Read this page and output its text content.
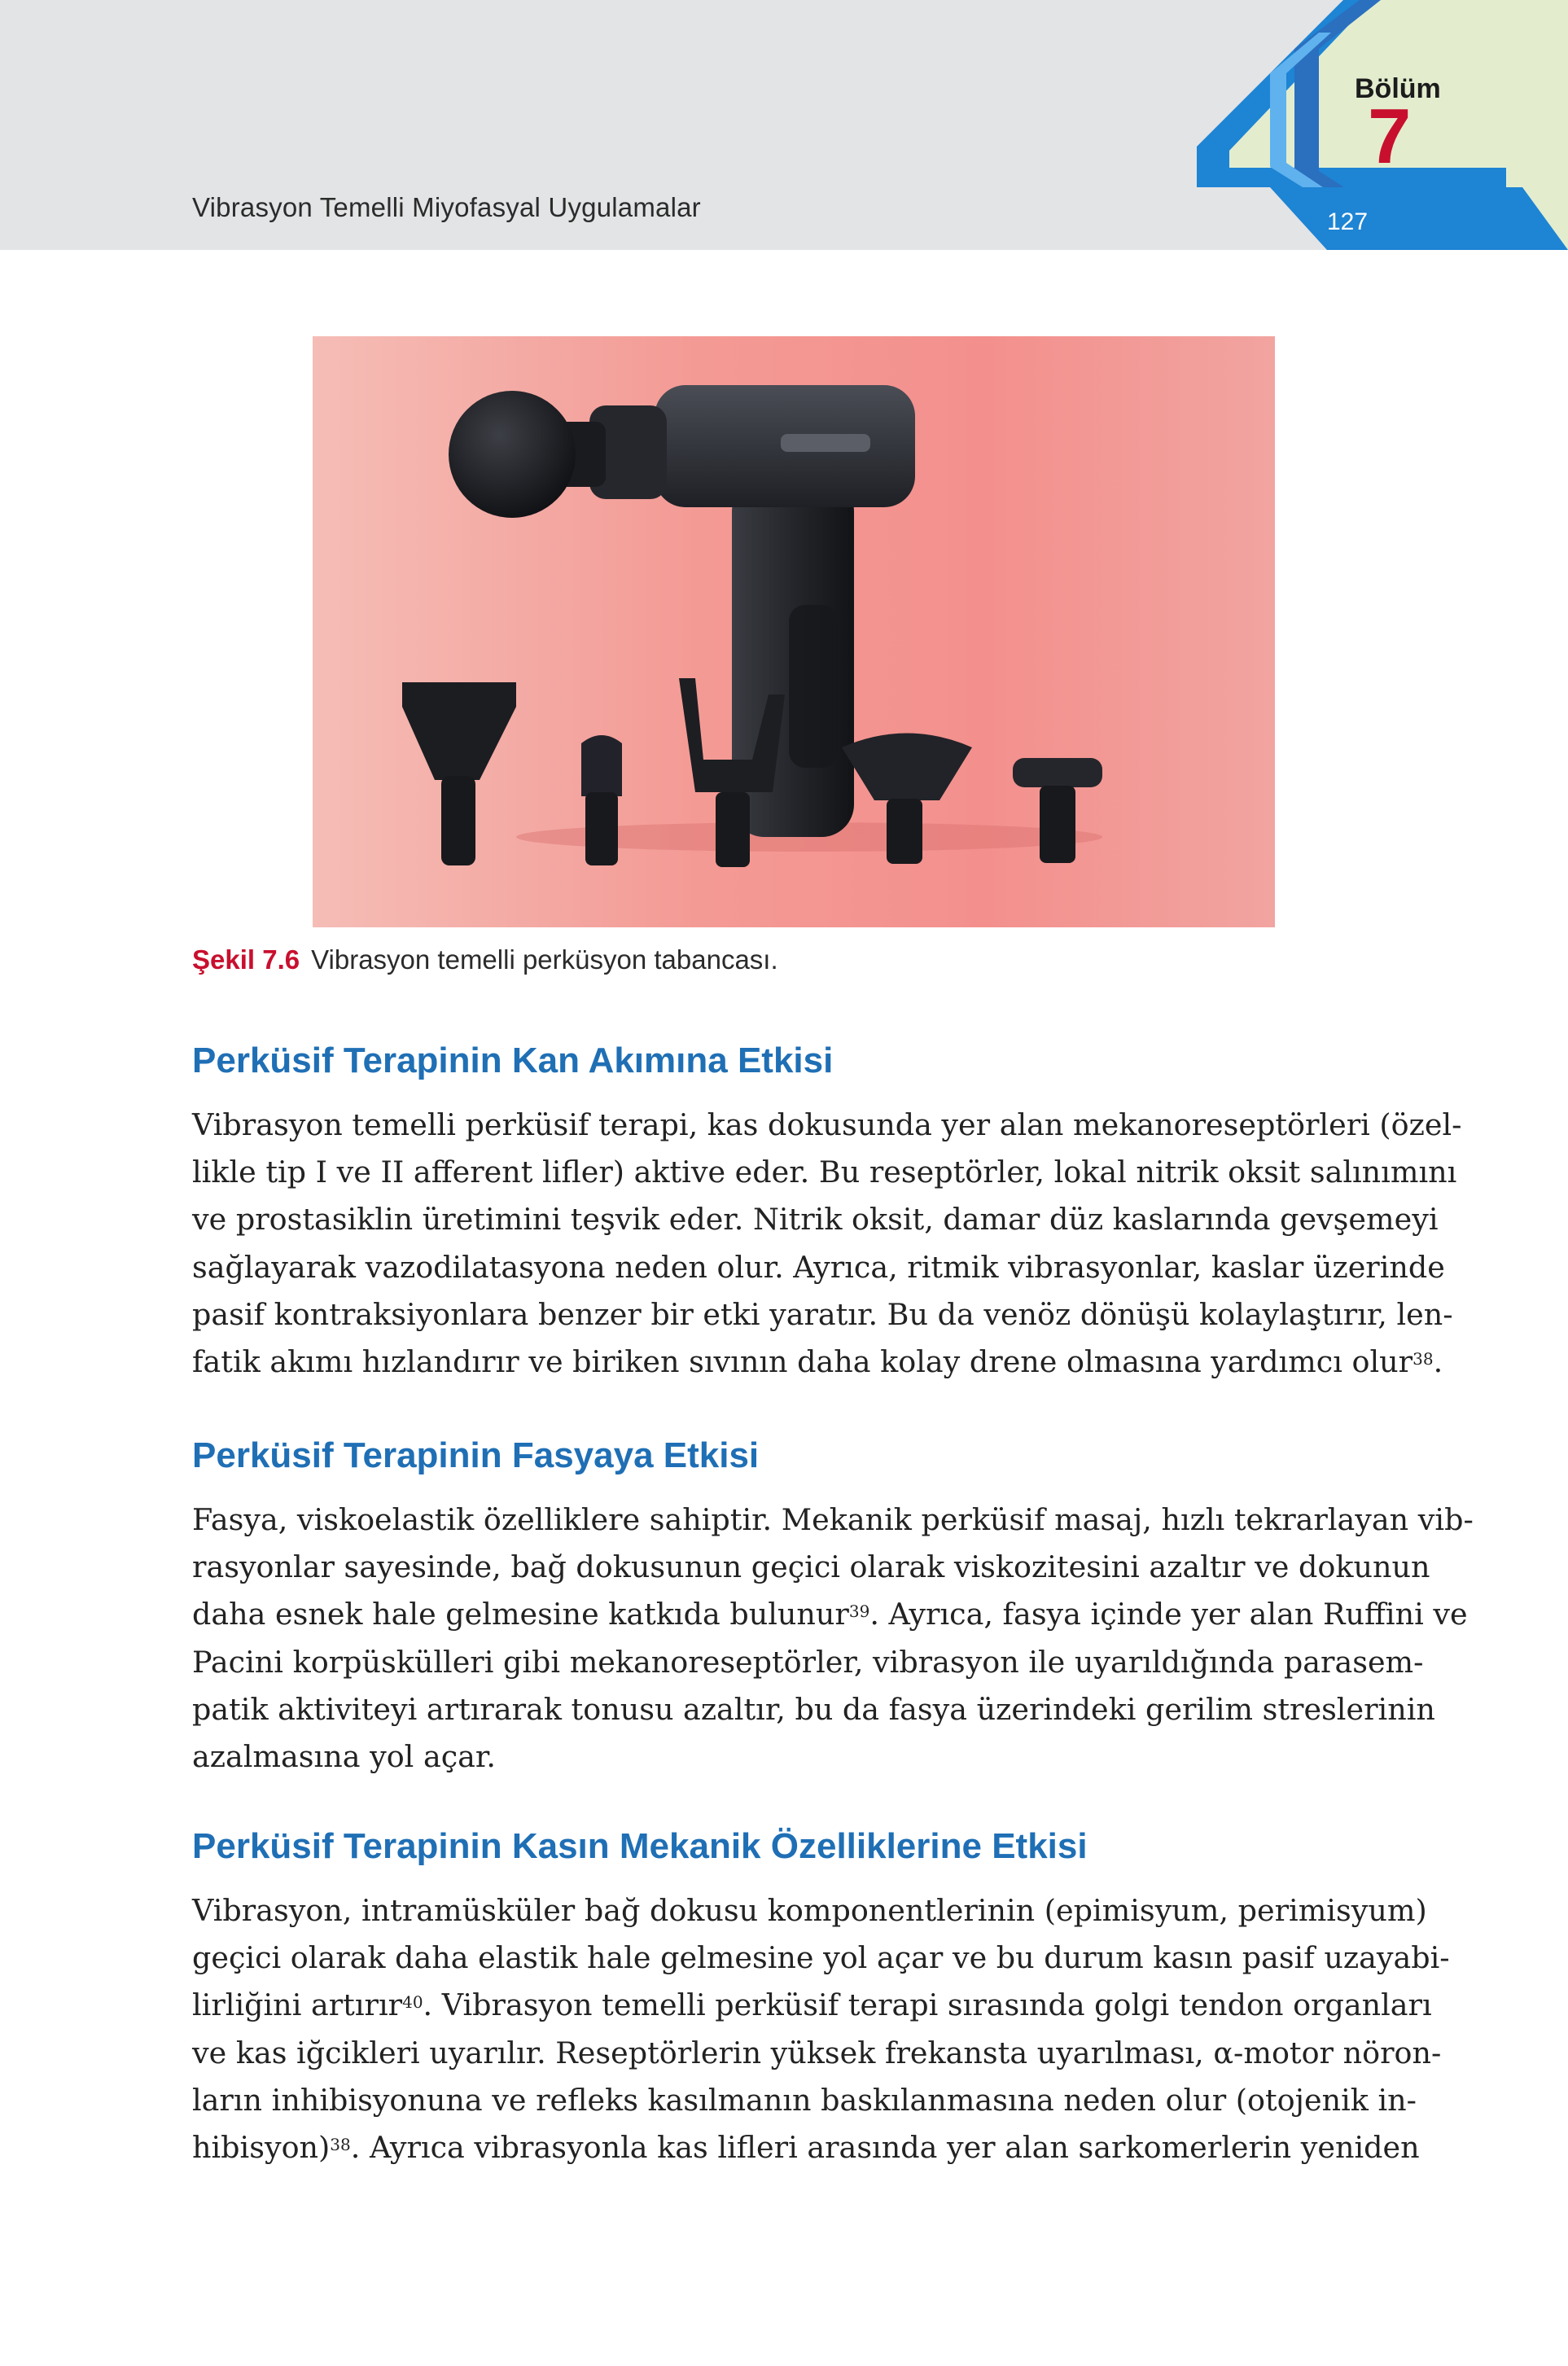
Vibrasyon Temelli Miyofasyal Uygulamalar
Bölüm
7
127
Şekil 7.6 Vibrasyon temelli perküsyon tabancası.
Perküsif Terapinin Kan Akımına Etkisi
Vibrasyon temelli perküsif terapi, kas dokusunda yer alan mekanoreseptörleri (özel-
likle tip I ve II afferent lifler) aktive eder. Bu reseptörler, lokal nitrik oksit salınımını
ve prostasiklin üretimini teşvik eder. Nitrik oksit, damar düz kaslarında gevşemeyi
sağlayarak vazodilatasyona neden olur. Ayrıca, ritmik vibrasyonlar, kaslar üzerinde
pasif kontraksiyonlara benzer bir etki yaratır. Bu da venöz dönüşü kolaylaştırır, len-
fatik akımı hızlandırır ve biriken sıvının daha kolay drene olmasına yardımcı olur$^{38}$.
Perküsif Terapinin Fasyaya Etkisi
Fasya, viskoelastik özelliklere sahiptir. Mekanik perküsif masaj, hızlı tekrarlayan vib-
rasyonlar sayesinde, bağ dokusunun geçici olarak viskozitesini azaltır ve dokunun
daha esnek hale gelmesine katkıda bulunur$^{39}$. Ayrıca, fasya içinde yer alan Ruffini ve
Pacini korpüskülleri gibi mekanoreseptörler, vibrasyon ile uyarıldığında parasem-
patik aktiviteyi artırarak tonusu azaltır, bu da fasya üzerindeki gerilim streslerinin
azalmasına yol açar.
Perküsif Terapinin Kasın Mekanik Özelliklerine Etkisi
Vibrasyon, intramüsküler bağ dokusu komponentlerinin (epimisyum, perimisyum)
geçici olarak daha elastik hale gelmesine yol açar ve bu durum kasın pasif uzayabi-
lirliğini artırır$^{40}$. Vibrasyon temelli perküsif terapi sırasında golgi tendon organları
ve kas iğcikleri uyarılır. Reseptörlerin yüksek frekansta uyarılması, α-motor nöron-
ların inhibisyonuna ve refleks kasılmanın baskılanmasına neden olur (otojenik in-
hibisyon)$^{38}$. Ayrıca vibrasyonla kas lifleri arasında yer alan sarkomerlerin yeniden
